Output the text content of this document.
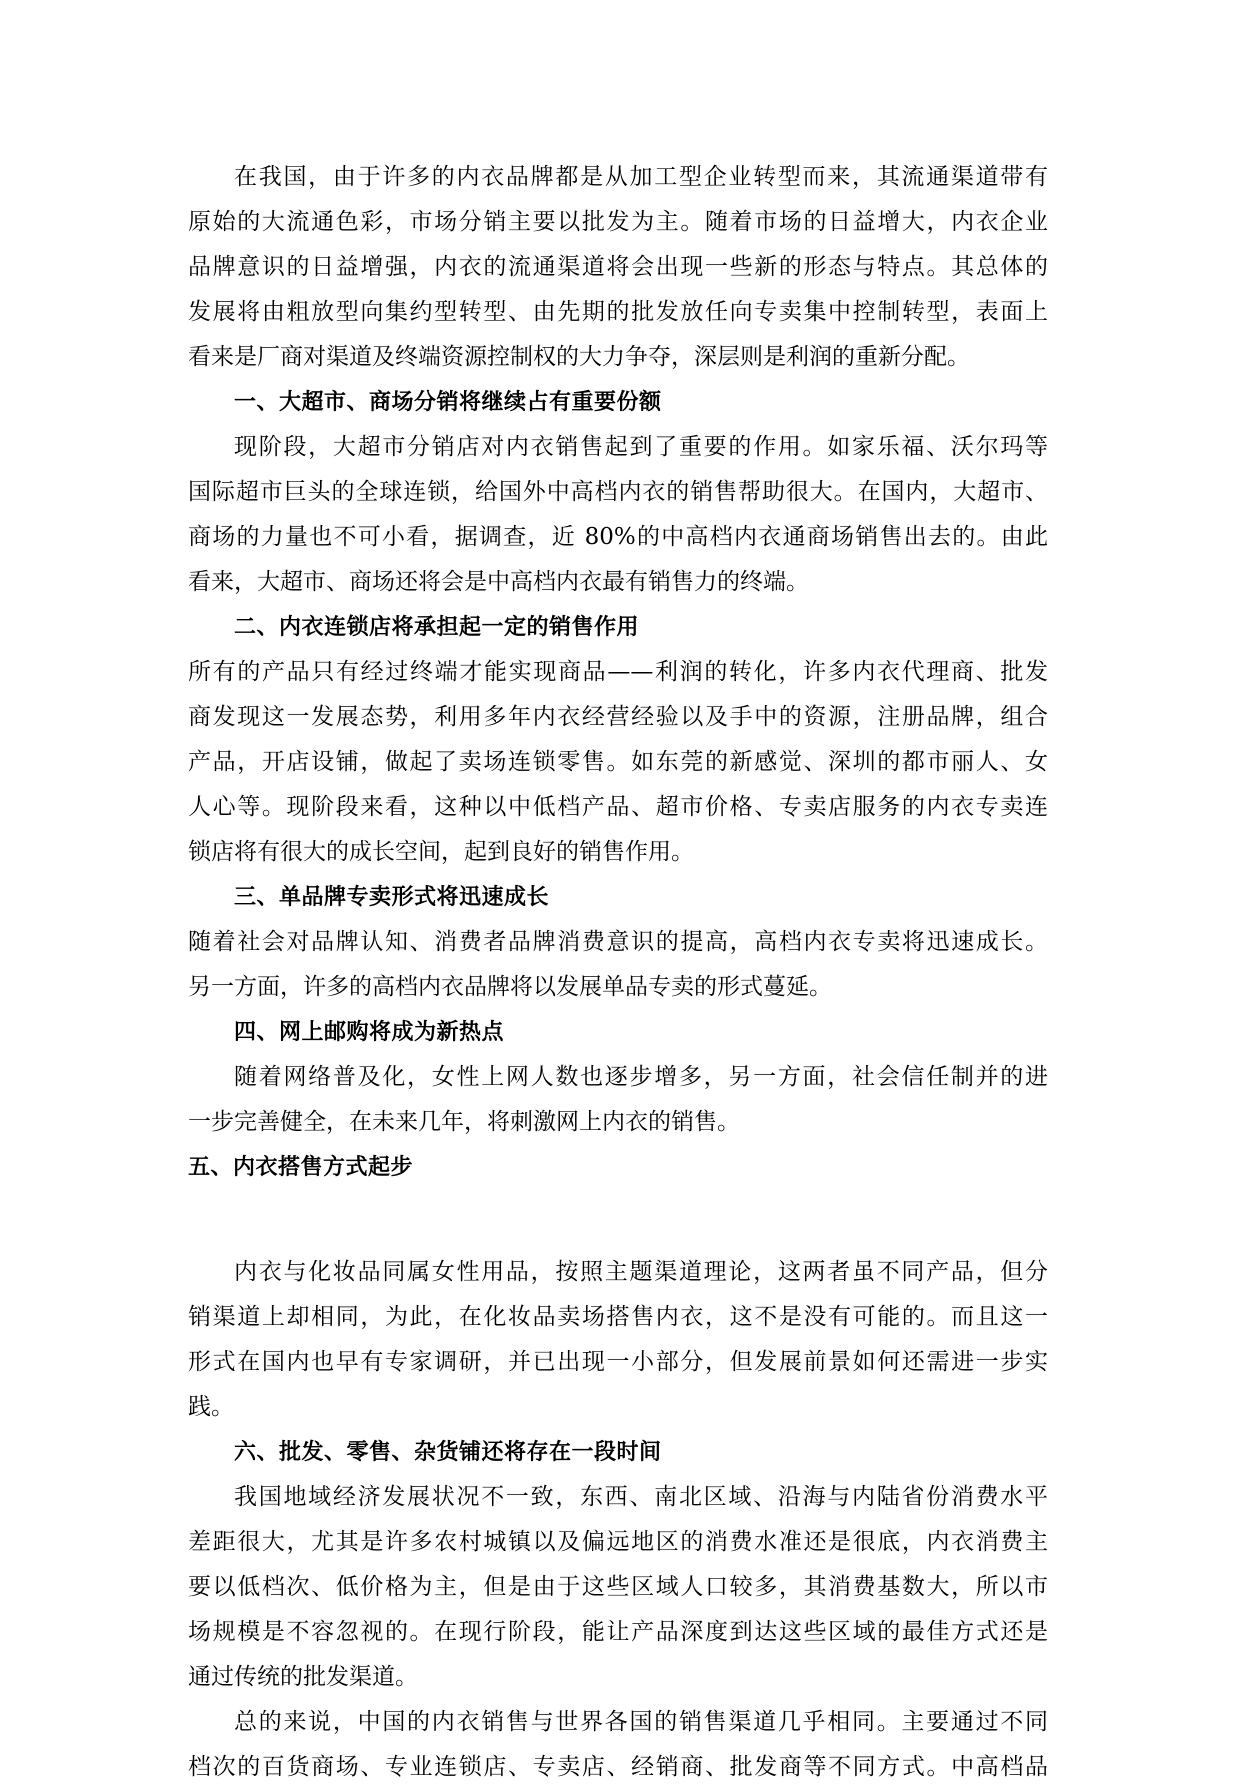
在我国，由于许多的内衣品牌都是从加工型企业转型而来，其流通渠道带有
原始的大流通色彩，市场分销主要以批发为主。随着市场的日益增大，内衣企业
品牌意识的日益增强，内衣的流通渠道将会出现一些新的形态与特点。其总体的
发展将由粗放型向集约型转型、由先期的批发放任向专卖集中控制转型，表面上
看来是厂商对渠道及终端资源控制权的大力争夺，深层则是利润的重新分配。
一、大超市、商场分销将继续占有重要份额
现阶段，大超市分销店对内衣销售起到了重要的作用。如家乐福、沃尔玛等
国际超市巨头的全球连锁，给国外中高档内衣的销售帮助很大。在国内，大超市、
商场的力量也不可小看，据调查，近 80%的中高档内衣通商场销售出去的。由此
看来，大超市、商场还将会是中高档内衣最有销售力的终端。
二、内衣连锁店将承担起一定的销售作用
所有的产品只有经过终端才能实现商品——利润的转化，许多内衣代理商、批发
商发现这一发展态势，利用多年内衣经营经验以及手中的资源，注册品牌，组合
产品，开店设铺，做起了卖场连锁零售。如东莞的新感觉、深圳的都市丽人、女
人心等。现阶段来看，这种以中低档产品、超市价格、专卖店服务的内衣专卖连
锁店将有很大的成长空间，起到良好的销售作用。
三、单品牌专卖形式将迅速成长
随着社会对品牌认知、消费者品牌消费意识的提高，高档内衣专卖将迅速成长。
另一方面，许多的高档内衣品牌将以发展单品专卖的形式蔓延。
四、网上邮购将成为新热点
随着网络普及化，女性上网人数也逐步增多，另一方面，社会信任制并的进
一步完善健全，在未来几年，将刺激网上内衣的销售。
五、内衣搭售方式起步
内衣与化妆品同属女性用品，按照主题渠道理论，这两者虽不同产品，但分
销渠道上却相同，为此，在化妆品卖场搭售内衣，这不是没有可能的。而且这一
形式在国内也早有专家调研，并已出现一小部分，但发展前景如何还需进一步实
践。
六、批发、零售、杂货铺还将存在一段时间
我国地域经济发展状况不一致，东西、南北区域、沿海与内陆省份消费水平
差距很大，尤其是许多农村城镇以及偏远地区的消费水准还是很底，内衣消费主
要以低档次、低价格为主，但是由于这些区域人口较多，其消费基数大，所以市
场规模是不容忽视的。在现行阶段，能让产品深度到达这些区域的最佳方式还是
通过传统的批发渠道。
总的来说，中国的内衣销售与世界各国的销售渠道几乎相同。主要通过不同
档次的百货商场、专业连锁店、专卖店、经销商、批发商等不同方式。中高档品
